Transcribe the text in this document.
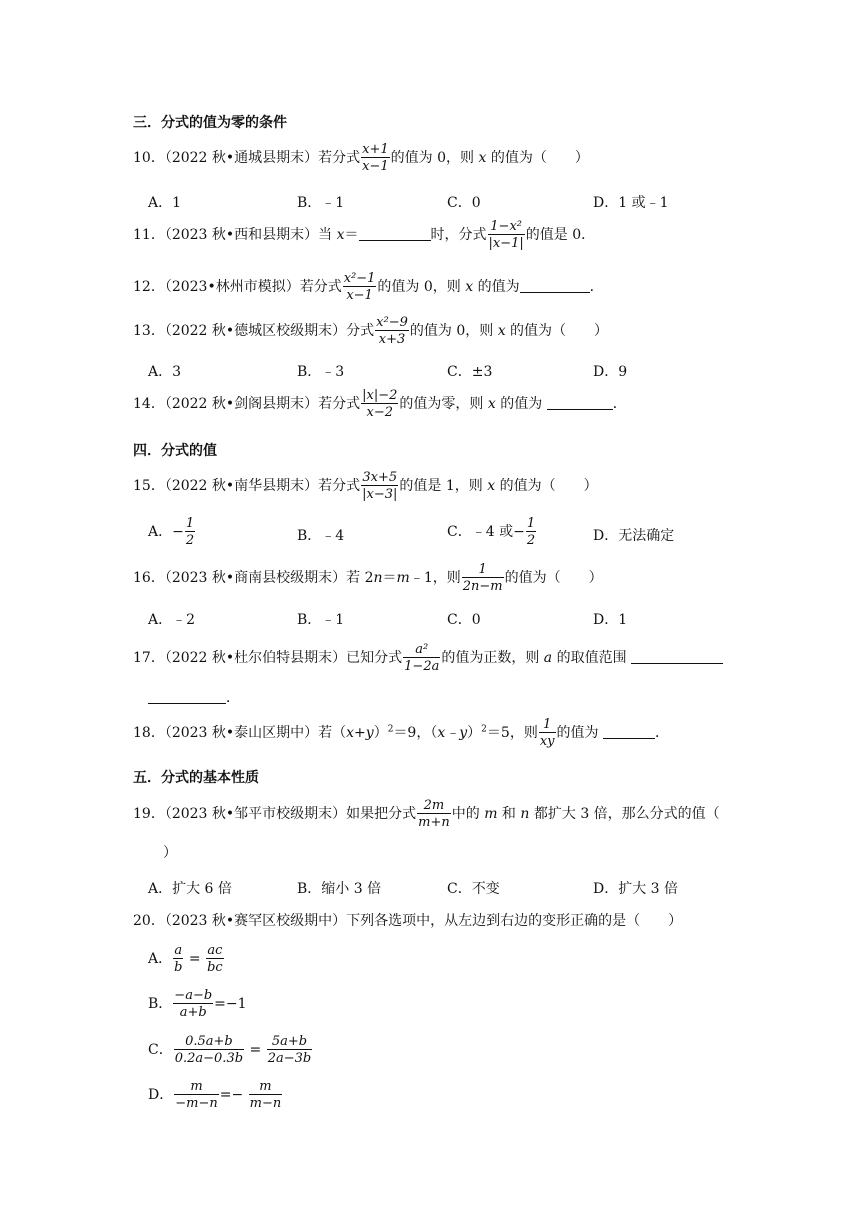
三．分式的值为零的条件
10．（2022 秋•通城县期末）若分式 $\frac{x+1}{x-1}$ 的值为 0，则 x 的值为（　　）
A．1	B．﹣1	C．0	D．1 或﹣1
11．（2023 秋•西和县期末）当 x＝	时，分式 $\frac{\text{1−x²}}{|x-1|}$ 的值是 0．
12．（2023•林州市模拟）若分式 $\frac{\text{x²−1}}{x-1}$ 的值为 0，则 x 的值为	．
13．（2022 秋•德城区校级期末）分式 $\frac{\text{x²−9}}{x+3}$ 的值为 0，则 x 的值为（　　）
A．3	B．﹣3	C．±3	D．9
14．（2022 秋•剑阁县期末）若分式 $\frac{|x|-2}{x-2}$ 的值为零，则 x 的值为	．
四．分式的值
15．（2022 秋•南华县期末）若分式 $\frac{3x+5}{|x-3|}$ 的值是 1，则 x 的值为（　　）
A．− $\frac{1}{2}$	B．﹣4	C．﹣4 或− $\frac{1}{2}$	D．无法确定
16．（2023 秋•商南县校级期末）若 2n＝m﹣1，则 $\frac{1}{2n-m}$ 的值为（　　）
A．﹣2	B．﹣1	C．0	D．1
17．（2022 秋•杜尔伯特县期末）已知分式 $\frac{\text{a²}}{1-2a}$ 的值为正数，则 a 的取值范围
．
18．（2023 秋•泰山区期中）若$(x+y)^2=9$，（x﹣y）$^2$＝5，则 $\frac{1}{xy}$ 的值为	．
五．分式的基本性质
19．（2023 秋•邹平市校级期末）如果把分式 $\frac{2m}{m+n}$ 中的 m 和 n 都扩大 3 倍，那么分式的值（
）
A．扩大 6 倍	B．缩小 3 倍	C．不变	D．扩大 3 倍
20．（2023 秋•赛罕区校级期中）下列各选项中，从左边到右边的变形正确的是（　　）
A． $\frac{a}{b} = \frac{ac}{bc}$
B． $\frac{-a-b}{a+b} =-1$
C． $\frac{0.5a+b}{0.2a-0.3b} = \frac{5a+b}{2a-3b}$
D． $\frac{m}{-m-n} =- \frac{m}{m-n}$
